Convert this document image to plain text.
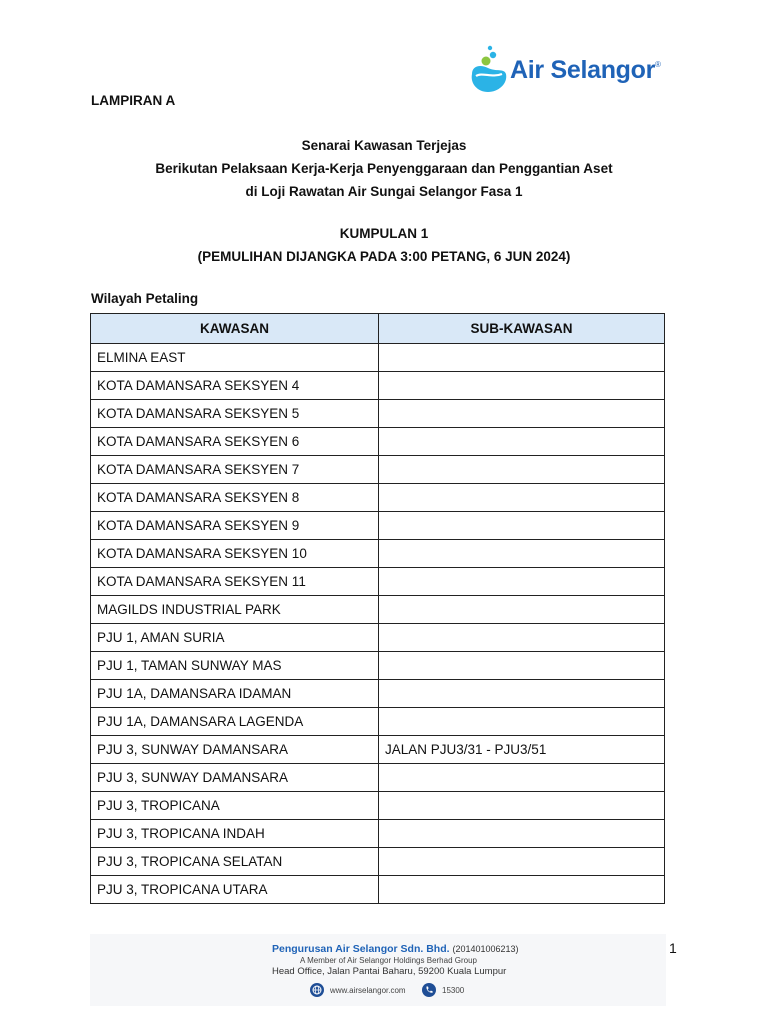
Air Selangor®
LAMPIRAN A
Senarai Kawasan Terjejas
Berikutan Pelaksaan Kerja-Kerja Penyenggaraan dan Penggantian Aset
di Loji Rawatan Air Sungai Selangor Fasa 1
KUMPULAN 1
(PEMULIHAN DIJANGKA PADA 3:00 PETANG, 6 JUN 2024)
Wilayah Petaling
KAWASAN	SUB-KAWASAN
ELMINA EAST	
KOTA DAMANSARA SEKSYEN 4	
KOTA DAMANSARA SEKSYEN 5	
KOTA DAMANSARA SEKSYEN 6	
KOTA DAMANSARA SEKSYEN 7	
KOTA DAMANSARA SEKSYEN 8	
KOTA DAMANSARA SEKSYEN 9	
KOTA DAMANSARA SEKSYEN 10	
KOTA DAMANSARA SEKSYEN 11	
MAGILDS INDUSTRIAL PARK	
PJU 1, AMAN SURIA	
PJU 1, TAMAN SUNWAY MAS	
PJU 1A, DAMANSARA IDAMAN	
PJU 1A, DAMANSARA LAGENDA	
PJU 3, SUNWAY DAMANSARA	JALAN PJU3/31 - PJU3/51
PJU 3, SUNWAY DAMANSARA	
PJU 3, TROPICANA	
PJU 3, TROPICANA INDAH	
PJU 3, TROPICANA SELATAN	
PJU 3, TROPICANA UTARA	
Pengurusan Air Selangor Sdn. Bhd. (201401006213)
A Member of Air Selangor Holdings Berhad Group
Head Office, Jalan Pantai Baharu, 59200 Kuala Lumpur
www.airselangor.com	15300
1
